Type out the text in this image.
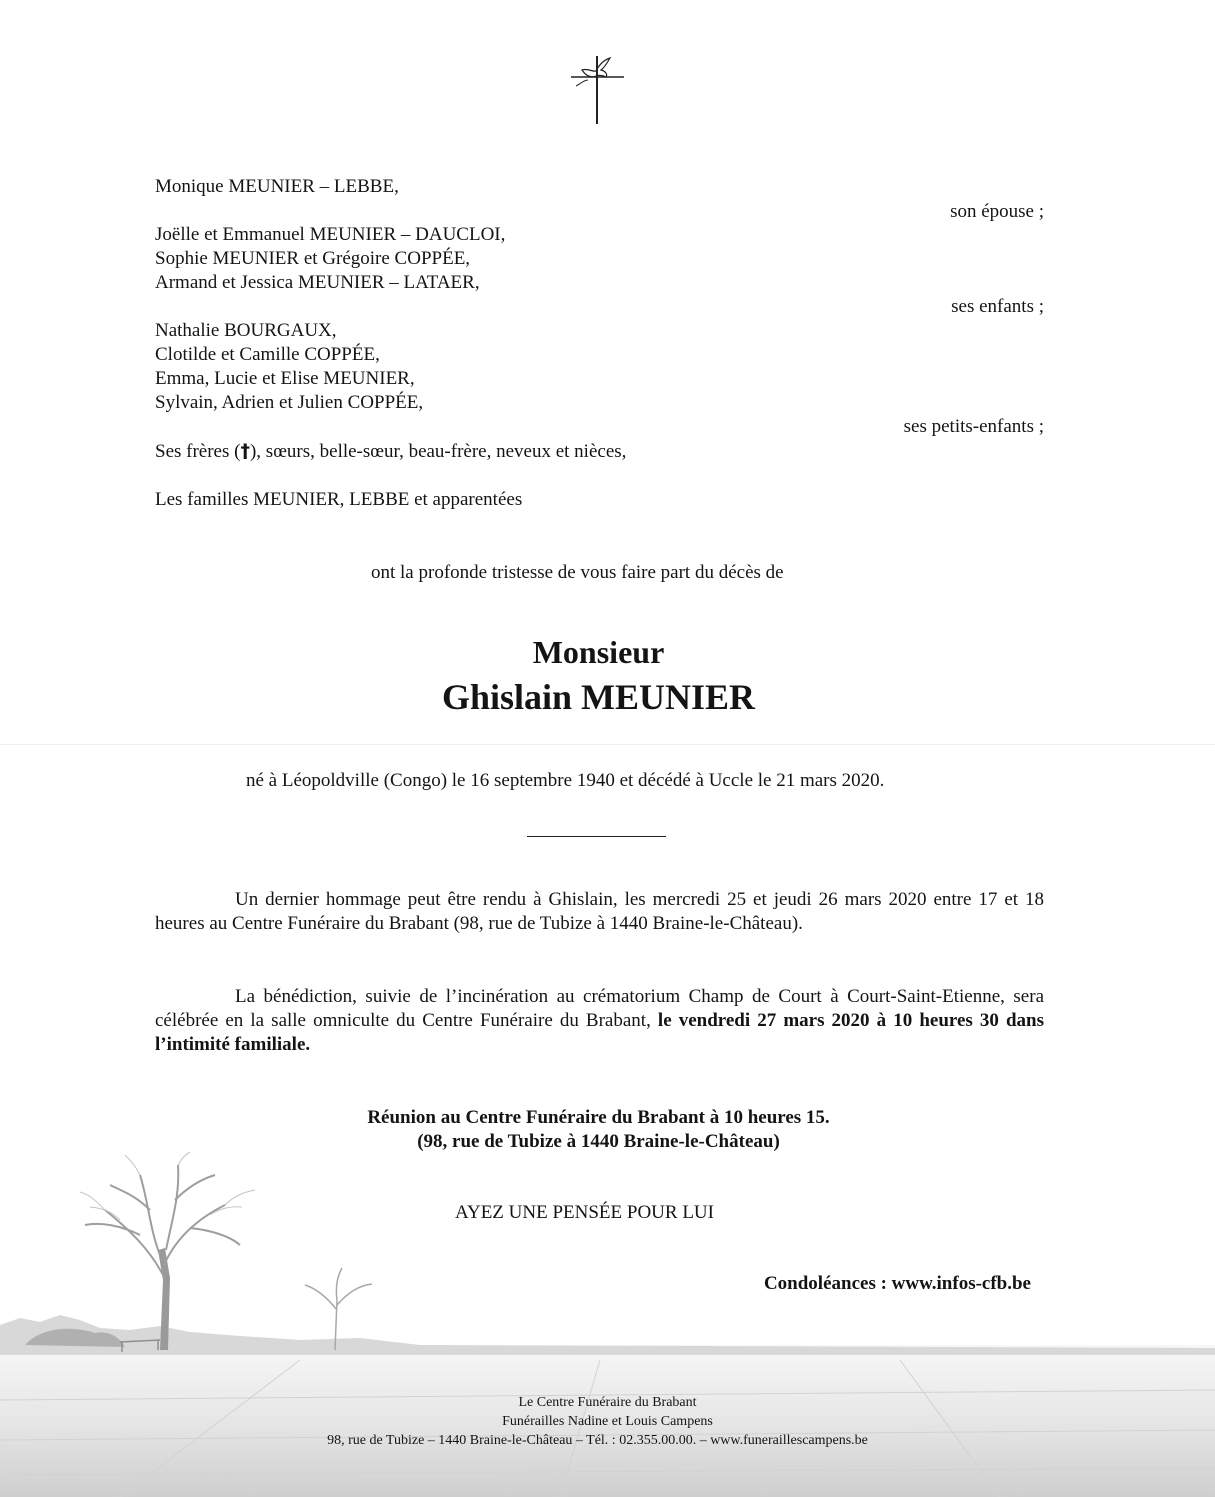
Monique MEUNIER – LEBBE,
son épouse ;
Joëlle et Emmanuel MEUNIER – DAUCLOI,
Sophie MEUNIER et Grégoire COPPÉE,
Armand et Jessica MEUNIER – LATAER,
ses enfants ;
Nathalie BOURGAUX,
Clotilde et Camille COPPÉE,
Emma, Lucie et Elise MEUNIER,
Sylvain, Adrien et Julien COPPÉE,
ses petits-enfants ;
Ses frères (†), sœurs, belle-sœur, beau-frère, neveux et nièces,
Les familles MEUNIER, LEBBE et apparentées
ont la profonde tristesse de vous faire part du décès de
Monsieur
Ghislain MEUNIER
né à Léopoldville (Congo) le 16 septembre 1940 et décédé à Uccle le 21 mars 2020.
Un dernier hommage peut être rendu à Ghislain, les mercredi 25 et jeudi 26 mars 2020 entre 17 et 18 heures au Centre Funéraire du Brabant (98, rue de Tubize à 1440 Braine-le-Château).
La bénédiction, suivie de l’incinération au crématorium Champ de Court à Court-Saint-Etienne, sera célébrée en la salle omniculte du Centre Funéraire du Brabant, le vendredi 27 mars 2020 à 10 heures 30 dans l’intimité familiale.
Réunion au Centre Funéraire du Brabant à 10 heures 15.
(98, rue de Tubize à 1440 Braine-le-Château)
AYEZ UNE PENSÉE POUR LUI
Condoléances : www.infos-cfb.be
Le Centre Funéraire du Brabant
Funérailles Nadine et Louis Campens
98, rue de Tubize – 1440 Braine-le-Château – Tél. : 02.355.00.00. – www.funeraillescampens.be
